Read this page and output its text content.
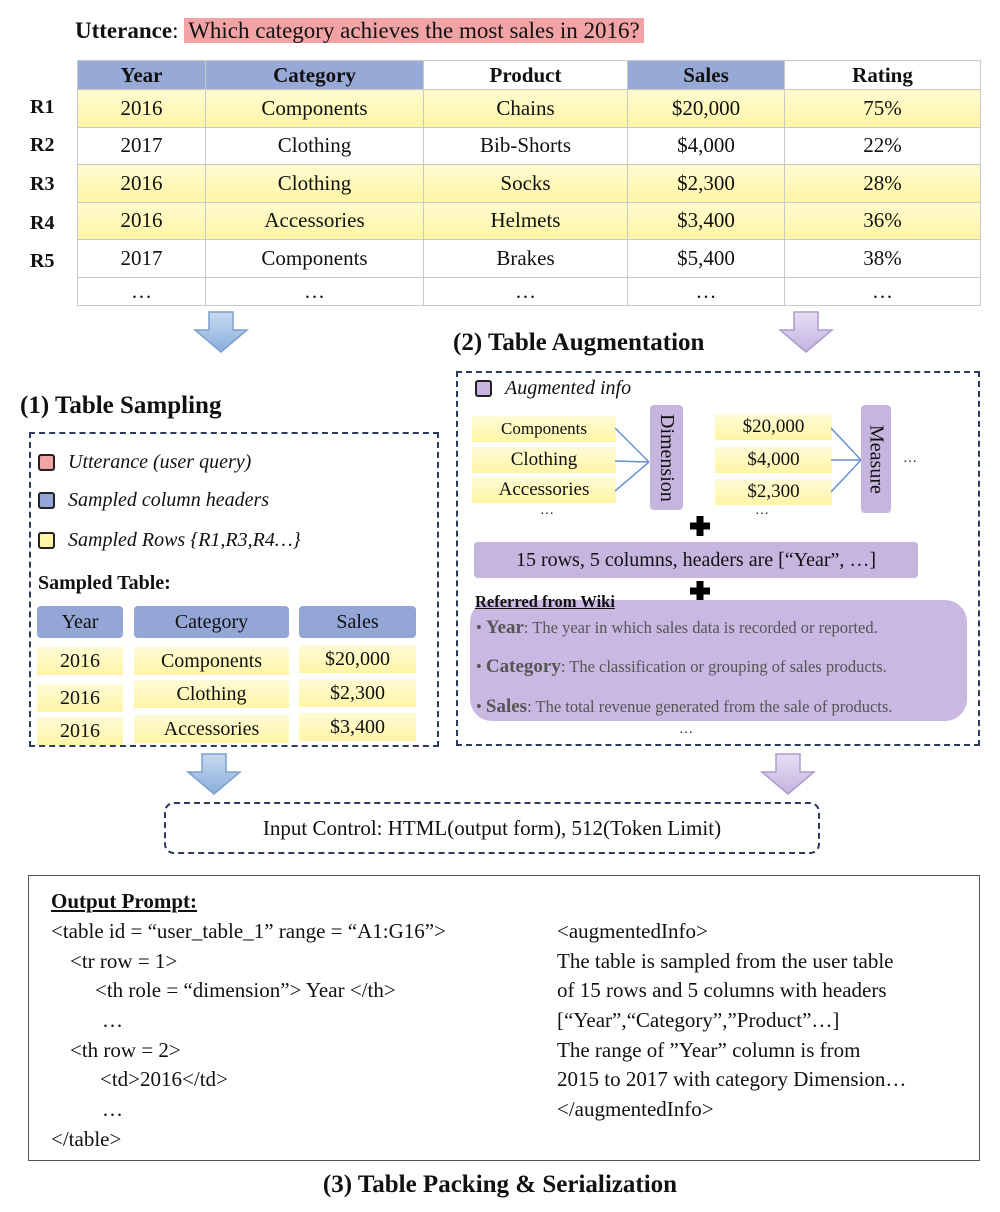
Utterance: Which category achieves the most sales in 2016?
R1
R2
R3
R4
R5
Year	Category	Product	Sales	Rating
2016	Components	Chains	$20,000	75%
2017	Clothing	Bib-Shorts	$4,000	22%
2016	Clothing	Socks	$2,300	28%
2016	Accessories	Helmets	$3,400	36%
2017	Components	Brakes	$5,400	38%
…	…	…	…	…
(1) Table Sampling
Utterance (user query)
Sampled column headers
Sampled Rows {R1,R3,R4…}
Sampled Table:
Year	Category	Sales
2016	Components	$20,000
2016	Clothing	$2,300
2016	Accessories	$3,400
(2) Table Augmentation
Augmented info
Components
Clothing
Accessories
…
Dimension	$20,000
$4,000
$2,300
…
Measure …
15 rows, 5 columns, headers are [“Year”, …]
Referred from Wiki
• Year: The year in which sales data is recorded or reported.
• Category: The classification or grouping of sales products.
• Sales: The total revenue generated from the sale of products.
…
Input Control: HTML(output form), 512(Token Limit)
Output Prompt:
<table id = “user_table_1” range = “A1:G16”>
<tr row = 1>
<th role = “dimension”> Year </th>
…
<th row = 2>
<td>2016</td>
…
</table>
<augmentedInfo>
The table is sampled from the user table
of 15 rows and 5 columns with headers
[“Year”,“Category”,”Product”…]
The range of ”Year” column is from
2015 to 2017 with category Dimension…
</augmentedInfo>
(3) Table Packing & Serialization
